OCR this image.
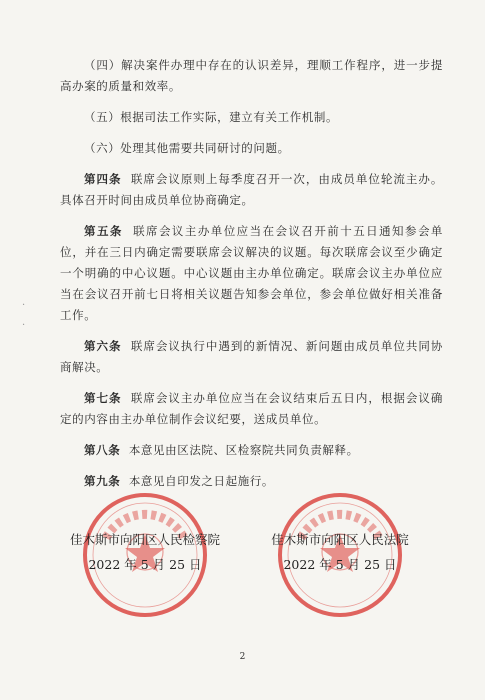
（四）解决案件办理中存在的认识差异，理顺工作程序，进一步提高办案的质量和效率。

（五）根据司法工作实际，建立有关工作机制。

（六）处理其他需要共同研讨的问题。

第四条 联席会议原则上每季度召开一次，由成员单位轮流主办。具体召开时间由成员单位协商确定。

第五条 联席会议主办单位应当在会议召开前十五日通知参会单位，并在三日内确定需要联席会议解决的议题。每次联席会议至少确定一个明确的中心议题。中心议题由主办单位确定。联席会议主办单位应当在会议召开前七日将相关议题告知参会单位，参会单位做好相关准备工作。

第六条 联席会议执行中遇到的新情况、新问题由成员单位共同协商解决。

第七条 联席会议主办单位应当在会议结束后五日内，根据会议确定的内容由主办单位制作会议纪要，送成员单位。

第八条 本意见由区法院、区检察院共同负责解释。

第九条 本意见自印发之日起施行。

·
·
佳木斯市向阳区人民检察院
2022 年 5 月 25 日
佳木斯市向阳区人民法院
2022 年 5 月 25 日
2
